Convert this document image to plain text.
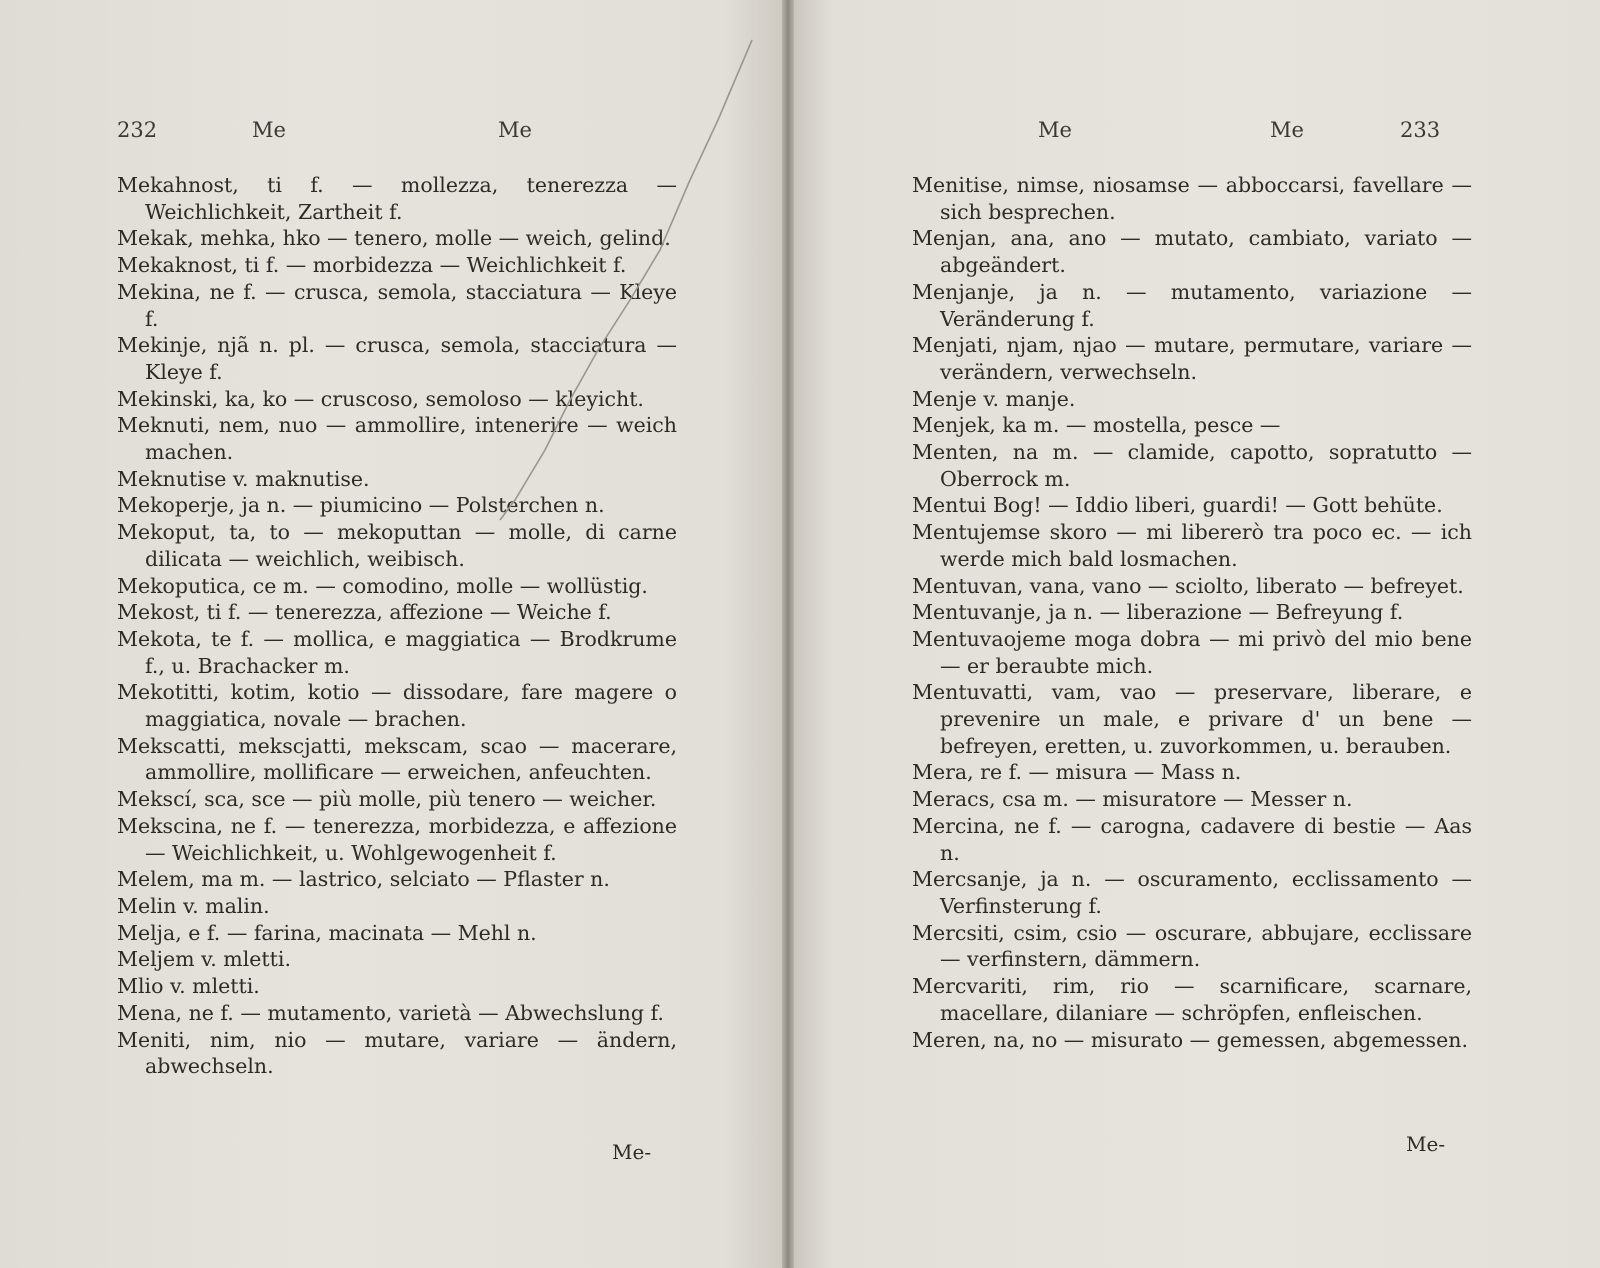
232	Me	Me
Mekahnost, ti f. — mollezza, tenerezza — Weichlichkeit, Zartheit f.
Mekak, mehka, hko — tenero, molle — weich, gelind.
Mekaknost, ti f. — morbidezza — Weichlichkeit f.
Mekina, ne f. — crusca, semola, stacciatura — Kleye f.
Mekinje, njã n. pl. — crusca, semola, stacciatura — Kleye f.
Mekinski, ka, ko — cruscoso, semoloso — kleyicht.
Meknuti, nem, nuo — ammollire, intenerire — weich machen.
Meknutise v. maknutise.
Mekoperje, ja n. — piumicino — Polsterchen n.
Mekoput, ta, to — mekoputtan — molle, di carne dilicata — weichlich, weibisch.
Mekoputica, ce m. — comodino, molle — wollüstig.
Mekost, ti f. — tenerezza, affezione — Weiche f.
Mekota, te f. — mollica, e maggiatica — Brodkrume f., u. Brachacker m.
Mekotitti, kotim, kotio — dissodare, fare magere o maggiatica, novale — brachen.
Mekscatti, mekscjatti, mekscam, scao — macerare, ammollire, mollificare — erweichen, anfeuchten.
Mekscí, sca, sce — più molle, più tenero — weicher.
Mekscina, ne f. — tenerezza, morbidezza, e affezione — Weichlichkeit, u. Wohlgewogenheit f.
Melem, ma m. — lastrico, selciato — Pflaster n.
Melin v. malin.
Melja, e f. — farina, macinata — Mehl n.
Meljem v. mletti.
Mlio v. mletti.
Mena, ne f. — mutamento, varietà — Abwechslung f.
Meniti, nim, nio — mutare, variare — ändern, abwechseln.
Me-
Me	Me	233
Menitise, nimse, niosamse — abboccarsi, favellare — sich besprechen.
Menjan, ana, ano — mutato, cambiato, variato — abgeändert.
Menjanje, ja n. — mutamento, variazione — Veränderung f.
Menjati, njam, njao — mutare, permutare, variare — verändern, verwechseln.
Menje v. manje.
Menjek, ka m. — mostella, pesce —
Menten, na m. — clamide, capotto, sopratutto — Oberrock m.
Mentui Bog! — Iddio liberi, guardi! — Gott behüte.
Mentujemse skoro — mi libererò tra poco ec. — ich werde mich bald losmachen.
Mentuvan, vana, vano — sciolto, liberato — befreyet.
Mentuvanje, ja n. — liberazione — Befreyung f.
Mentuvaojeme moga dobra — mi privò del mio bene — er beraubte mich.
Mentuvatti, vam, vao — preservare, liberare, e prevenire un male, e privare d' un bene — befreyen, eretten, u. zuvorkommen, u. berauben.
Mera, re f. — misura — Mass n.
Meracs, csa m. — misuratore — Messer n.
Mercina, ne f. — carogna, cadavere di bestie — Aas n.
Mercsanje, ja n. — oscuramento, ecclissamento — Verfinsterung f.
Mercsiti, csim, csio — oscurare, abbujare, ecclissare — verfinstern, dämmern.
Mercvariti, rim, rio — scarnificare, scarnare, macellare, dilaniare — schröpfen, enfleischen.
Meren, na, no — misurato — gemessen, abgemessen.
Me-
